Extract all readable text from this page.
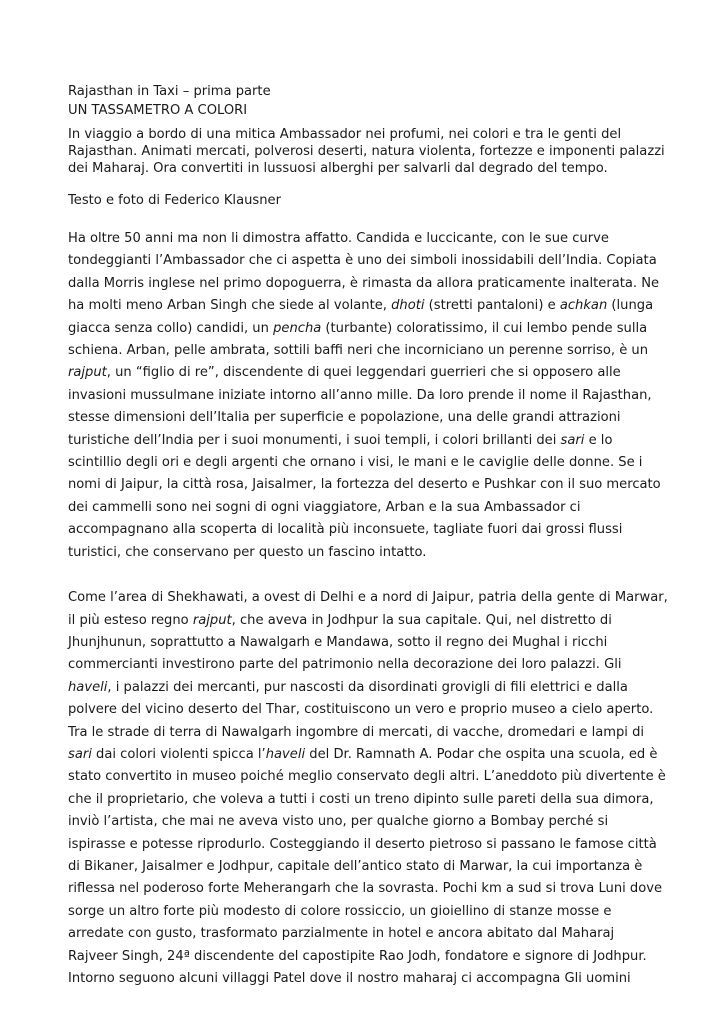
Rajasthan in Taxi – prima parte

UN TASSAMETRO A COLORI

In viaggio a bordo di una mitica Ambassador nei profumi, nei colori e tra le genti del Rajasthan. Animati mercati, polverosi deserti, natura violenta, fortezze e imponenti palazzi dei Maharaj. Ora convertiti in lussuosi alberghi per salvarli dal degrado del tempo.

Testo e foto di Federico Klausner

Ha oltre 50 anni ma non li dimostra affatto. Candida e luccicante, con le sue curve tondeggianti l’Ambassador che ci aspetta è uno dei simboli inossidabili dell’India. Copiata dalla Morris inglese nel primo dopoguerra, è rimasta da allora praticamente inalterata. Ne ha molti meno Arban Singh che siede al volante, dhoti (stretti pantaloni) e achkan (lunga giacca senza collo) candidi, un pencha (turbante) coloratissimo, il cui lembo pende sulla schiena. Arban, pelle ambrata, sottili baffi neri che incorniciano un perenne sorriso, è un rajput, un “figlio di re”, discendente di quei leggendari guerrieri che si opposero alle invasioni mussulmane iniziate intorno all’anno mille. Da loro prende il nome il Rajasthan, stesse dimensioni dell’Italia per superficie e popolazione, una delle grandi attrazioni turistiche dell’India per i suoi monumenti, i suoi templi, i colori brillanti dei sari e lo scintillio degli ori e degli argenti che ornano i visi, le mani e le caviglie delle donne. Se i nomi di Jaipur, la città rosa, Jaisalmer, la fortezza del deserto e Pushkar con il suo mercato dei cammelli sono nei sogni di ogni viaggiatore, Arban e la sua Ambassador ci accompagnano alla scoperta di località più inconsuete, tagliate fuori dai grossi flussi turistici, che conservano per questo un fascino intatto.

Come l’area di Shekhawati, a ovest di Delhi e a nord di Jaipur, patria della gente di Marwar, il più esteso regno rajput, che aveva in Jodhpur la sua capitale. Qui, nel distretto di Jhunjhunun, soprattutto a Nawalgarh e Mandawa, sotto il regno dei Mughal i ricchi commercianti investirono parte del patrimonio nella decorazione dei loro palazzi. Gli haveli, i palazzi dei mercanti, pur nascosti da disordinati grovigli di fili elettrici e dalla polvere del vicino deserto del Thar, costituiscono un vero e proprio museo a cielo aperto. Tra le strade di terra di Nawalgarh ingombre di mercati, di vacche, dromedari e lampi di sari dai colori violenti spicca l’haveli del Dr. Ramnath A. Podar che ospita una scuola, ed è stato convertito in museo poiché meglio conservato degli altri. L’aneddoto più divertente è che il proprietario, che voleva a tutti i costi un treno dipinto sulle pareti della sua dimora, inviò l’artista, che mai ne aveva visto uno, per qualche giorno a Bombay perché si ispirasse e potesse riprodurlo. Costeggiando il deserto pietroso si passano le famose città di Bikaner, Jaisalmer e Jodhpur, capitale dell’antico stato di Marwar, la cui importanza è riflessa nel poderoso forte Meherangarh che la sovrasta. Pochi km a sud si trova Luni dove sorge un altro forte più modesto di colore rossiccio, un gioiellino di stanze mosse e arredate con gusto, trasformato parzialmente in hotel e ancora abitato dal Maharaj Rajveer Singh, 24ª discendente del capostipite Rao Jodh, fondatore e signore di Jodhpur. Intorno seguono alcuni villaggi Patel dove il nostro maharaj ci accompagna Gli uomini
